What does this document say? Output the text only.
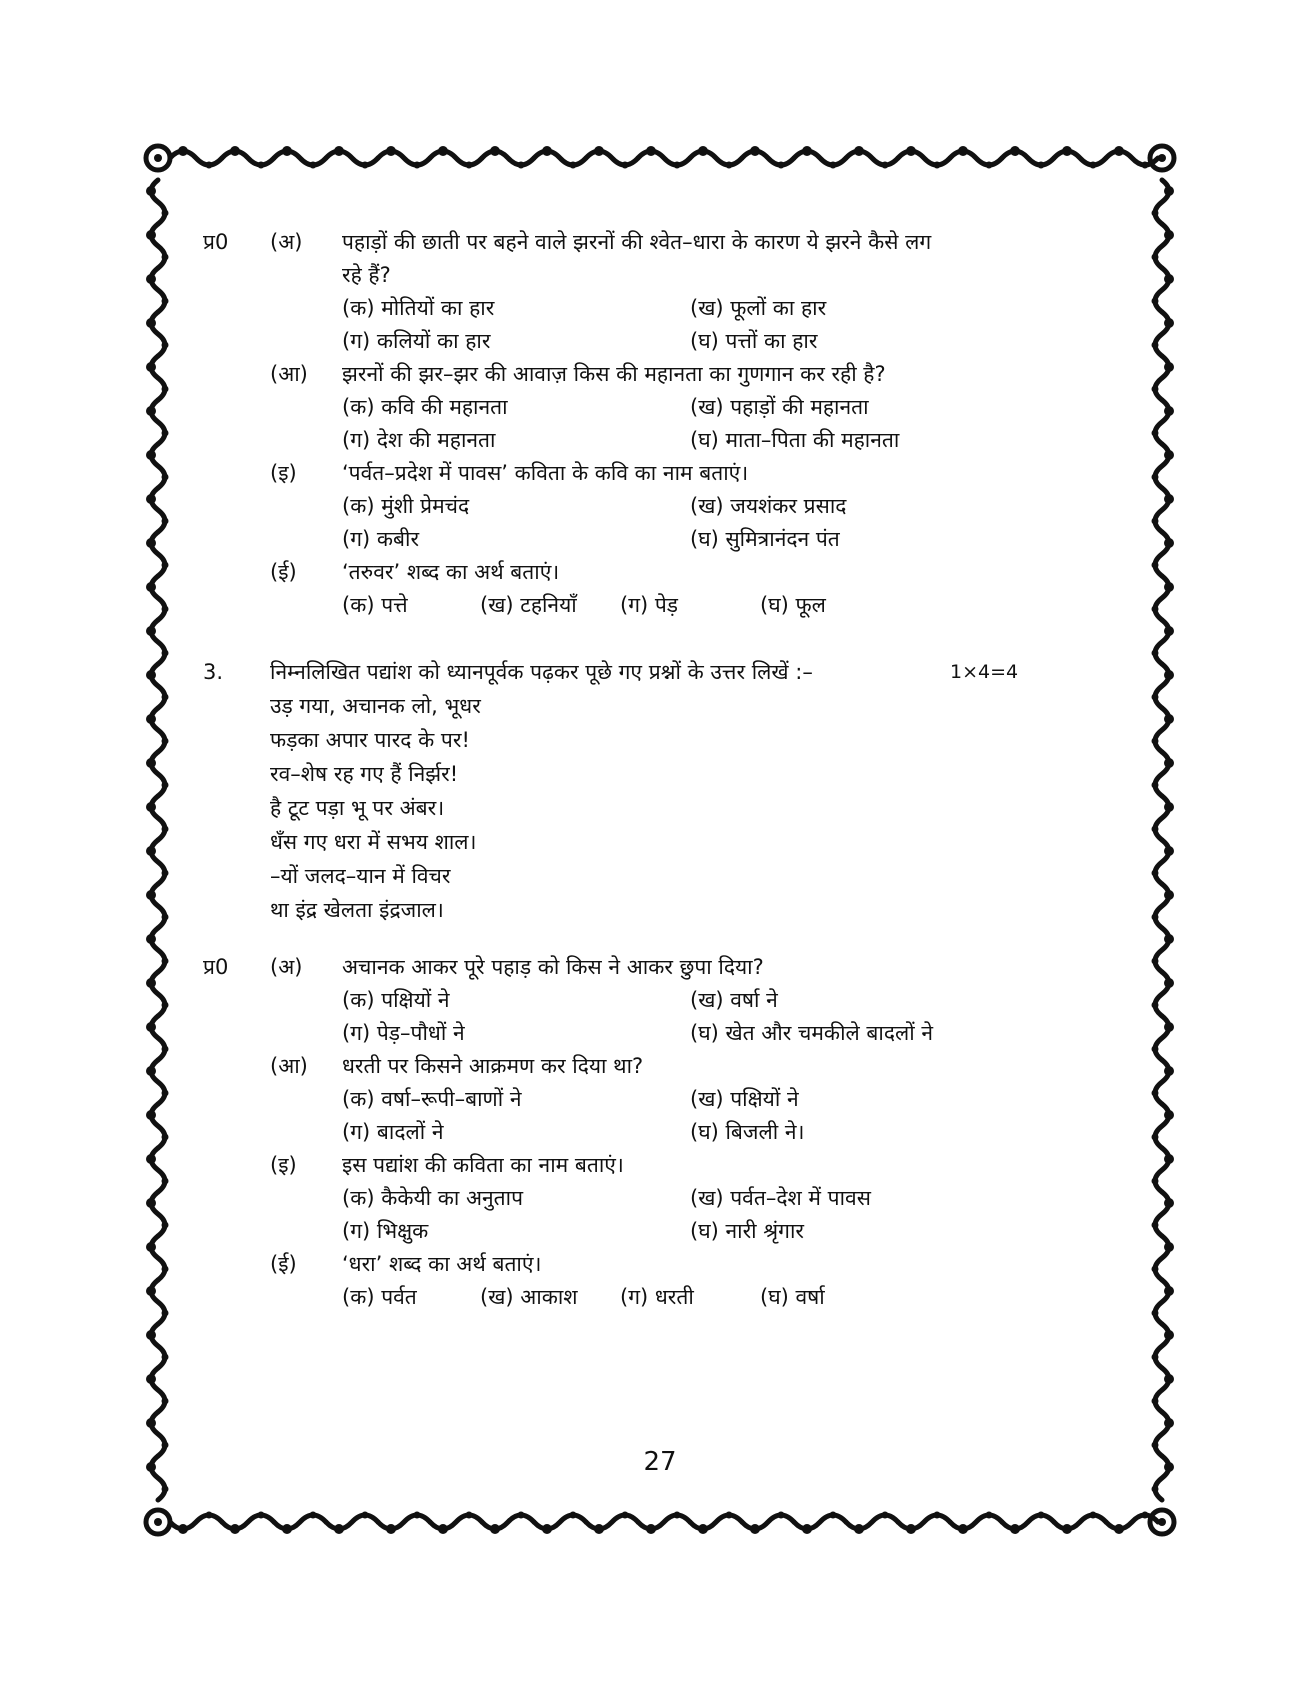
प्र0 (अ) पहाड़ों की छाती पर बहने वाले झरनों की श्वेत–धारा के कारण ये झरने कैसे लग
रहे हैं?
(क) मोतियों का हार	(ख) फूलों का हार
(ग) कलियों का हार	(घ) पत्तों का हार
(आ) झरनों की झर–झर की आवाज़ किस की महानता का गुणगान कर रही है?
(क) कवि की महानता	(ख) पहाड़ों की महानता
(ग) देश की महानता	(घ) माता–पिता की महानता
(इ) ‘पर्वत–प्रदेश में पावस’ कविता के कवि का नाम बताएं।
(क) मुंशी प्रेमचंद	(ख) जयशंकर प्रसाद
(ग) कबीर	(घ) सुमित्रानंदन पंत
(ई) ‘तरुवर’ शब्द का अर्थ बताएं।
(क) पत्ते	(ख) टहनियाँ (ग) पेड़	(घ) फूल
3. निम्नलिखित पद्यांश को ध्यानपूर्वक पढ़कर पूछे गए प्रश्नों के उत्तर लिखें :–	1×4=4
उड़ गया, अचानक लो, भूधर
फड़का अपार पारद के पर!
रव–शेष रह गए हैं निर्झर!
है टूट पड़ा भू पर अंबर।
धँस गए धरा में सभय शाल।
–यों जलद–यान में विचर
था इंद्र खेलता इंद्रजाल।
प्र0 (अ) अचानक आकर पूरे पहाड़ को किस ने आकर छुपा दिया?
(क) पक्षियों ने	(ख) वर्षा ने
(ग) पेड़–पौधों ने	(घ) खेत और चमकीले बादलों ने
(आ) धरती पर किसने आक्रमण कर दिया था?
(क) वर्षा–रूपी–बाणों ने	(ख) पक्षियों ने
(ग) बादलों ने	(घ) बिजली ने।
(इ) इस पद्यांश की कविता का नाम बताएं।
(क) कैकेयी का अनुताप	(ख) पर्वत–देश में पावस
(ग) भिक्षुक	(घ) नारी श्रृंगार
(ई) ‘धरा’ शब्द का अर्थ बताएं।
(क) पर्वत	(ख) आकाश (ग) धरती	(घ) वर्षा
27
